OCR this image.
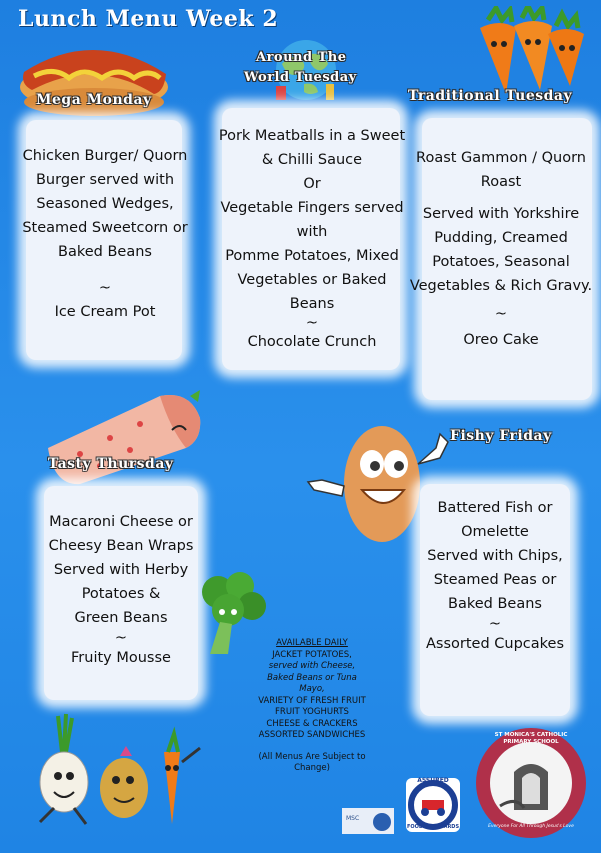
Lunch Menu Week 2
Mega Monday
Around The
World Tuesday
Traditional Tuesday
Chicken Burger/ Quorn
Burger served with
Seasoned Wedges,
Steamed Sweetcorn or
Baked Beans
~
Ice Cream Pot
Pork Meatballs in a Sweet
& Chilli Sauce
Or
Vegetable Fingers served
with
Pomme Potatoes, Mixed
Vegetables or Baked
Beans
~
Chocolate Crunch
Roast Gammon / Quorn
Roast
Served with Yorkshire
Pudding, Creamed
Potatoes, Seasonal
Vegetables & Rich Gravy.
~
Oreo Cake
Tasty Thursday
Fishy Friday
Macaroni Cheese or
Cheesy Bean Wraps
Served with Herby
Potatoes &
Green Beans
~
Fruity Mousse
Battered Fish or
Omelette
Served with Chips,
Steamed Peas or
Baked Beans
~
Assorted Cupcakes
AVAILABLE DAILY
JACKET POTATOES,
served with Cheese,
Baked Beans or Tuna
Mayo,
VARIETY OF FRESH FRUIT
FRUIT YOGHURTS
CHEESE & CRACKERS
ASSORTED SANDWICHES
(All Menus Are Subject to
Change)
MSC
ASSURED
FOOD STANDARDS
ST MONICA'S CATHOLIC PRIMARY SCHOOL
Everyone For All Through Jesus's Love
